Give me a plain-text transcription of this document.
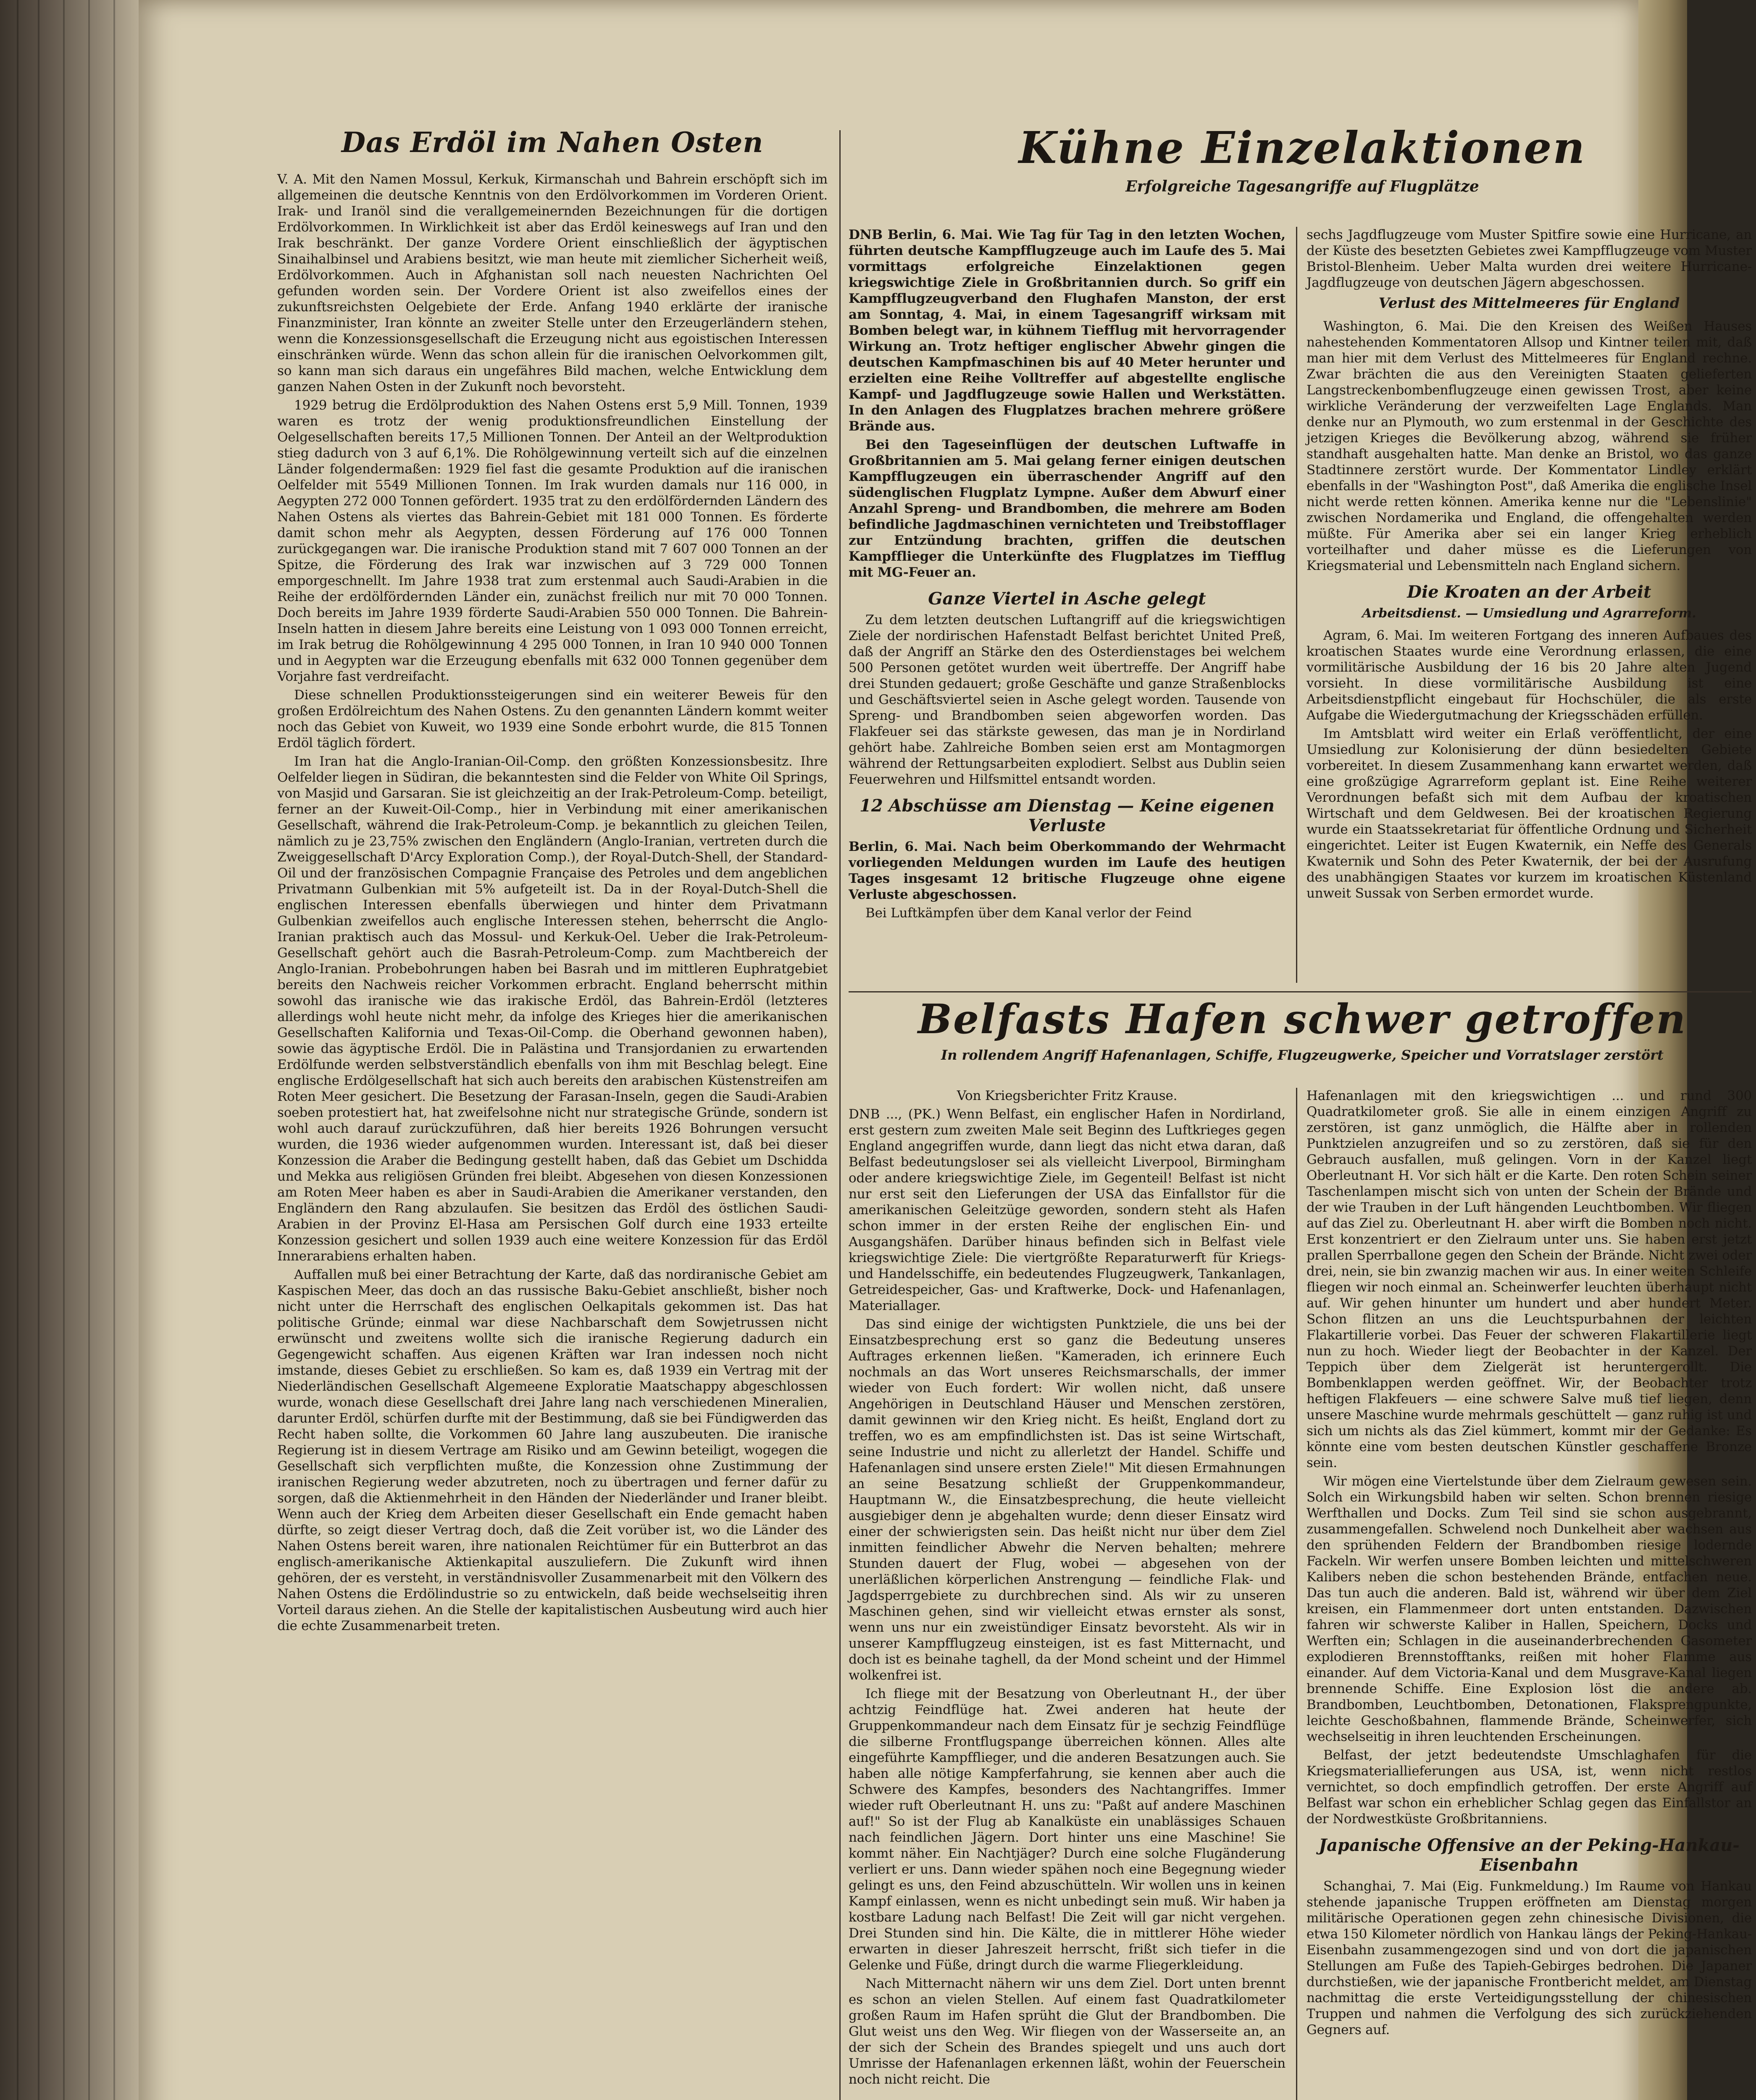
Das Erdöl im Nahen Osten

V. A. Mit den Namen Mossul, Kerkuk, Kirmanschah und Bahrein erschöpft sich im allgemeinen die deutsche Kenntnis von den Erdölvorkommen im Vorderen Orient. Irak- und Iranöl sind die verallgemeinernden Bezeichnungen für die dortigen Erdölvorkommen. In Wirklichkeit ist aber das Erdöl keineswegs auf Iran und den Irak beschränkt. Der ganze Vordere Orient einschließlich der ägyptischen Sinaihalbinsel und Arabiens besitzt, wie man heute mit ziemlicher Sicherheit weiß, Erdölvorkommen. Auch in Afghanistan soll nach neuesten Nachrichten Oel gefunden worden sein. Der Vordere Orient ist also zweifellos eines der zukunftsreichsten Oelgebiete der Erde. Anfang 1940 erklärte der iranische Finanzminister, Iran könnte an zweiter Stelle unter den Erzeugerländern stehen, wenn die Konzessionsgesellschaft die Erzeugung nicht aus egoistischen Interessen einschränken würde. Wenn das schon allein für die iranischen Oelvorkommen gilt, so kann man sich daraus ein ungefähres Bild machen, welche Entwicklung dem ganzen Nahen Osten in der Zukunft noch bevorsteht.

1929 betrug die Erdölproduktion des Nahen Ostens erst 5,9 Mill. Tonnen, 1939 waren es trotz der wenig produktionsfreundlichen Einstellung der Oelgesellschaften bereits 17,5 Millionen Tonnen. Der Anteil an der Weltproduktion stieg dadurch von 3 auf 6,1%. Die Rohölgewinnung verteilt sich auf die einzelnen Länder folgendermaßen: 1929 fiel fast die gesamte Produktion auf die iranischen Oelfelder mit 5549 Millionen Tonnen. Im Irak wurden damals nur 116 000, in Aegypten 272 000 Tonnen gefördert. 1935 trat zu den erdölfördernden Ländern des Nahen Ostens als viertes das Bahrein-Gebiet mit 181 000 Tonnen. Es förderte damit schon mehr als Aegypten, dessen Förderung auf 176 000 Tonnen zurückgegangen war. Die iranische Produktion stand mit 7 607 000 Tonnen an der Spitze, die Förderung des Irak war inzwischen auf 3 729 000 Tonnen emporgeschnellt. Im Jahre 1938 trat zum erstenmal auch Saudi-Arabien in die Reihe der erdölfördernden Länder ein, zunächst freilich nur mit 70 000 Tonnen. Doch bereits im Jahre 1939 förderte Saudi-Arabien 550 000 Tonnen. Die Bahrein-Inseln hatten in diesem Jahre bereits eine Leistung von 1 093 000 Tonnen erreicht, im Irak betrug die Rohölgewinnung 4 295 000 Tonnen, in Iran 10 940 000 Tonnen und in Aegypten war die Erzeugung ebenfalls mit 632 000 Tonnen gegenüber dem Vorjahre fast verdreifacht.

Diese schnellen Produktionssteigerungen sind ein weiterer Beweis für den großen Erdölreichtum des Nahen Ostens. Zu den genannten Ländern kommt weiter noch das Gebiet von Kuweit, wo 1939 eine Sonde erbohrt wurde, die 815 Tonnen Erdöl täglich fördert.

Im Iran hat die Anglo-Iranian-Oil-Comp. den größten Konzessionsbesitz. Ihre Oelfelder liegen in Südiran, die bekanntesten sind die Felder von White Oil Springs, von Masjid und Garsaran. Sie ist gleichzeitig an der Irak-Petroleum-Comp. beteiligt, ferner an der Kuweit-Oil-Comp., hier in Verbindung mit einer amerikanischen Gesellschaft, während die Irak-Petroleum-Comp. je bekanntlich zu gleichen Teilen, nämlich zu je 23,75% zwischen den Engländern (Anglo-Iranian, vertreten durch die Zweiggesellschaft D'Arcy Exploration Comp.), der Royal-Dutch-Shell, der Standard-Oil und der französischen Compagnie Française des Petroles und dem angeblichen Privatmann Gulbenkian mit 5% aufgeteilt ist. Da in der Royal-Dutch-Shell die englischen Interessen ebenfalls überwiegen und hinter dem Privatmann Gulbenkian zweifellos auch englische Interessen stehen, beherrscht die Anglo-Iranian praktisch auch das Mossul- und Kerkuk-Oel. Ueber die Irak-Petroleum-Gesellschaft gehört auch die Basrah-Petroleum-Comp. zum Machtbereich der Anglo-Iranian. Probebohrungen haben bei Basrah und im mittleren Euphratgebiet bereits den Nachweis reicher Vorkommen erbracht. England beherrscht mithin sowohl das iranische wie das irakische Erdöl, das Bahrein-Erdöl (letzteres allerdings wohl heute nicht mehr, da infolge des Krieges hier die amerikanischen Gesellschaften Kalifornia und Texas-Oil-Comp. die Oberhand gewonnen haben), sowie das ägyptische Erdöl. Die in Palästina und Transjordanien zu erwartenden Erdölfunde werden selbstverständlich ebenfalls von ihm mit Beschlag belegt. Eine englische Erdölgesellschaft hat sich auch bereits den arabischen Küstenstreifen am Roten Meer gesichert. Die Besetzung der Farasan-Inseln, gegen die Saudi-Arabien soeben protestiert hat, hat zweifelsohne nicht nur strategische Gründe, sondern ist wohl auch darauf zurückzuführen, daß hier bereits 1926 Bohrungen versucht wurden, die 1936 wieder aufgenommen wurden. Interessant ist, daß bei dieser Konzession die Araber die Bedingung gestellt haben, daß das Gebiet um Dschidda und Mekka aus religiösen Gründen frei bleibt. Abgesehen von diesen Konzessionen am Roten Meer haben es aber in Saudi-Arabien die Amerikaner verstanden, den Engländern den Rang abzulaufen. Sie besitzen das Erdöl des östlichen Saudi-Arabien in der Provinz El-Hasa am Persischen Golf durch eine 1933 erteilte Konzession gesichert und sollen 1939 auch eine weitere Konzession für das Erdöl Innerarabiens erhalten haben.

Auffallen muß bei einer Betrachtung der Karte, daß das nordiranische Gebiet am Kaspischen Meer, das doch an das russische Baku-Gebiet anschließt, bisher noch nicht unter die Herrschaft des englischen Oelkapitals gekommen ist. Das hat politische Gründe; einmal war diese Nachbarschaft dem Sowjetrussen nicht erwünscht und zweitens wollte sich die iranische Regierung dadurch ein Gegengewicht schaffen. Aus eigenen Kräften war Iran indessen noch nicht imstande, dieses Gebiet zu erschließen. So kam es, daß 1939 ein Vertrag mit der Niederländischen Gesellschaft Algemeene Exploratie Maatschappy abgeschlossen wurde, wonach diese Gesellschaft drei Jahre lang nach verschiedenen Mineralien, darunter Erdöl, schürfen durfte mit der Bestimmung, daß sie bei Fündigwerden das Recht haben sollte, die Vorkommen 60 Jahre lang auszubeuten. Die iranische Regierung ist in diesem Vertrage am Risiko und am Gewinn beteiligt, wogegen die Gesellschaft sich verpflichten mußte, die Konzession ohne Zustimmung der iranischen Regierung weder abzutreten, noch zu übertragen und ferner dafür zu sorgen, daß die Aktienmehrheit in den Händen der Niederländer und Iraner bleibt. Wenn auch der Krieg dem Arbeiten dieser Gesellschaft ein Ende gemacht haben dürfte, so zeigt dieser Vertrag doch, daß die Zeit vorüber ist, wo die Länder des Nahen Ostens bereit waren, ihre nationalen Reichtümer für ein Butterbrot an das englisch-amerikanische Aktienkapital auszuliefern. Die Zukunft wird ihnen gehören, der es versteht, in verständnisvoller Zusammenarbeit mit den Völkern des Nahen Ostens die Erdölindustrie so zu entwickeln, daß beide wechselseitig ihren Vorteil daraus ziehen. An die Stelle der kapitalistischen Ausbeutung wird auch hier die echte Zusammenarbeit treten.

Kühne Einzelaktionen
Erfolgreiche Tagesangriffe auf Flugplätze

DNB Berlin, 6. Mai. Wie Tag für Tag in den letzten Wochen, führten deutsche Kampfflugzeuge auch im Laufe des 5. Mai vormittags erfolgreiche Einzelaktionen gegen kriegswichtige Ziele in Großbritannien durch. So griff ein Kampfflugzeugverband den Flughafen Manston, der erst am Sonntag, 4. Mai, in einem Tagesangriff wirksam mit Bomben belegt war, in kühnem Tiefflug mit hervorragender Wirkung an. Trotz heftiger englischer Abwehr gingen die deutschen Kampfmaschinen bis auf 40 Meter herunter und erzielten eine Reihe Volltreffer auf abgestellte englische Kampf- und Jagdflugzeuge sowie Hallen und Werkstätten. In den Anlagen des Flugplatzes brachen mehrere größere Brände aus.

Bei den Tageseinflügen der deutschen Luftwaffe in Großbritannien am 5. Mai gelang ferner einigen deutschen Kampfflugzeugen ein überraschender Angriff auf den südenglischen Flugplatz Lympne. Außer dem Abwurf einer Anzahl Spreng- und Brandbomben, die mehrere am Boden befindliche Jagdmaschinen vernichteten und Treibstofflager zur Entzündung brachten, griffen die deutschen Kampfflieger die Unterkünfte des Flugplatzes im Tiefflug mit MG-Feuer an.

Ganze Viertel in Asche gelegt

Zu dem letzten deutschen Luftangriff auf die kriegswichtigen Ziele der nordirischen Hafenstadt Belfast berichtet United Preß, daß der Angriff an Stärke den des Osterdienstages bei welchem 500 Personen getötet wurden weit übertreffe. Der Angriff habe drei Stunden gedauert; große Geschäfte und ganze Straßenblocks und Geschäftsviertel seien in Asche gelegt worden. Tausende von Spreng- und Brandbomben seien abgeworfen worden. Das Flakfeuer sei das stärkste gewesen, das man je in Nordirland gehört habe. Zahlreiche Bomben seien erst am Montagmorgen während der Rettungsarbeiten explodiert. Selbst aus Dublin seien Feuerwehren und Hilfsmittel entsandt worden.

12 Abschüsse am Dienstag — Keine eigenen Verluste

Berlin, 6. Mai. Nach beim Oberkommando der Wehrmacht vorliegenden Meldungen wurden im Laufe des heutigen Tages insgesamt 12 britische Flugzeuge ohne eigene Verluste abgeschossen.

Bei Luftkämpfen über dem Kanal verlor der Feind

sechs Jagdflugzeuge vom Muster Spitfire sowie eine Hurricane, an der Küste des besetzten Gebietes zwei Kampfflugzeuge vom Muster Bristol-Blenheim. Ueber Malta wurden drei weitere Hurricane-Jagdflugzeuge von deutschen Jägern abgeschossen.

Verlust des Mittelmeeres für England

Washington, 6. Mai. Die den Kreisen des Weißen Hauses nahestehenden Kommentatoren Allsop und Kintner teilen mit, daß man hier mit dem Verlust des Mittelmeeres für England rechne. Zwar brächten die aus den Vereinigten Staaten gelieferten Langstreckenbombenflugzeuge einen gewissen Trost, aber keine wirkliche Veränderung der verzweifelten Lage Englands. Man denke nur an Plymouth, wo zum erstenmal in der Geschichte des jetzigen Krieges die Bevölkerung abzog, während sie früher standhaft ausgehalten hatte. Man denke an Bristol, wo das ganze Stadtinnere zerstört wurde. Der Kommentator Lindley erklärt ebenfalls in der "Washington Post", daß Amerika die englische Insel nicht werde retten können. Amerika kenne nur die "Lebenslinie" zwischen Nordamerika und England, die offengehalten werden müßte. Für Amerika aber sei ein langer Krieg erheblich vorteilhafter und daher müsse es die Lieferungen von Kriegsmaterial und Lebensmitteln nach England sichern.

Die Kroaten an der Arbeit
Arbeitsdienst. — Umsiedlung und Agrarreform.

Agram, 6. Mai. Im weiteren Fortgang des inneren Aufbaues des kroatischen Staates wurde eine Verordnung erlassen, die eine vormilitärische Ausbildung der 16 bis 20 Jahre alten Jugend vorsieht. In diese vormilitärische Ausbildung ist eine Arbeitsdienstpflicht eingebaut für Hochschüler, die als erste Aufgabe die Wiedergutmachung der Kriegsschäden erfüllen.

Im Amtsblatt wird weiter ein Erlaß veröffentlicht, der eine Umsiedlung zur Kolonisierung der dünn besiedelten Gebiete vorbereitet. In diesem Zusammenhang kann erwartet werden, daß eine großzügige Agrarreform geplant ist. Eine Reihe weiterer Verordnungen befaßt sich mit dem Aufbau der kroatischen Wirtschaft und dem Geldwesen. Bei der kroatischen Regierung wurde ein Staatssekretariat für öffentliche Ordnung und Sicherheit eingerichtet. Leiter ist Eugen Kwaternik, ein Neffe des Generals Kwaternik und Sohn des Peter Kwaternik, der bei der Ausrufung des unabhängigen Staates vor kurzem im kroatischen Küstenland unweit Sussak von Serben ermordet wurde.

Belfasts Hafen schwer getroffen
In rollendem Angriff Hafenanlagen, Schiffe, Flugzeugwerke, Speicher und Vorratslager zerstört

Von Kriegsberichter Fritz Krause.

DNB ..., (PK.) Wenn Belfast, ein englischer Hafen in Nordirland, erst gestern zum zweiten Male seit Beginn des Luftkrieges gegen England angegriffen wurde, dann liegt das nicht etwa daran, daß Belfast bedeutungsloser sei als vielleicht Liverpool, Birmingham oder andere kriegswichtige Ziele, im Gegenteil! Belfast ist nicht nur erst seit den Lieferungen der USA das Einfallstor für die amerikanischen Geleitzüge geworden, sondern steht als Hafen schon immer in der ersten Reihe der englischen Ein- und Ausgangshäfen. Darüber hinaus befinden sich in Belfast viele kriegswichtige Ziele: Die viertgrößte Reparaturwerft für Kriegs- und Handelsschiffe, ein bedeutendes Flugzeugwerk, Tankanlagen, Getreidespeicher, Gas- und Kraftwerke, Dock- und Hafenanlagen, Materiallager.

Das sind einige der wichtigsten Punktziele, die uns bei der Einsatzbesprechung erst so ganz die Bedeutung unseres Auftrages erkennen ließen. "Kameraden, ich erinnere Euch nochmals an das Wort unseres Reichsmarschalls, der immer wieder von Euch fordert: Wir wollen nicht, daß unsere Angehörigen in Deutschland Häuser und Menschen zerstören, damit gewinnen wir den Krieg nicht. Es heißt, England dort zu treffen, wo es am empfindlichsten ist. Das ist seine Wirtschaft, seine Industrie und nicht zu allerletzt der Handel. Schiffe und Hafenanlagen sind unsere ersten Ziele!" Mit diesen Ermahnungen an seine Besatzung schließt der Gruppenkommandeur, Hauptmann W., die Einsatzbesprechung, die heute vielleicht ausgiebiger denn je abgehalten wurde; denn dieser Einsatz wird einer der schwierigsten sein. Das heißt nicht nur über dem Ziel inmitten feindlicher Abwehr die Nerven behalten; mehrere Stunden dauert der Flug, wobei — abgesehen von der unerläßlichen körperlichen Anstrengung — feindliche Flak- und Jagdsperrgebiete zu durchbrechen sind. Als wir zu unseren Maschinen gehen, sind wir vielleicht etwas ernster als sonst, wenn uns nur ein zweistündiger Einsatz bevorsteht. Als wir in unserer Kampfflugzeug einsteigen, ist es fast Mitternacht, und doch ist es beinahe taghell, da der Mond scheint und der Himmel wolkenfrei ist.

Ich fliege mit der Besatzung von Oberleutnant H., der über achtzig Feindflüge hat. Zwei anderen hat heute der Gruppenkommandeur nach dem Einsatz für je sechzig Feindflüge die silberne Frontflugspange überreichen können. Alles alte eingeführte Kampfflieger, und die anderen Besatzungen auch. Sie haben alle nötige Kampferfahrung, sie kennen aber auch die Schwere des Kampfes, besonders des Nachtangriffes. Immer wieder ruft Oberleutnant H. uns zu: "Paßt auf andere Maschinen auf!" So ist der Flug ab Kanalküste ein unablässiges Schauen nach feindlichen Jägern. Dort hinter uns eine Maschine! Sie kommt näher. Ein Nachtjäger? Durch eine solche Flugänderung verliert er uns. Dann wieder spähen noch eine Begegnung wieder gelingt es uns, den Feind abzuschütteln. Wir wollen uns in keinen Kampf einlassen, wenn es nicht unbedingt sein muß. Wir haben ja kostbare Ladung nach Belfast! Die Zeit will gar nicht vergehen. Drei Stunden sind hin. Die Kälte, die in mittlerer Höhe wieder erwarten in dieser Jahreszeit herrscht, frißt sich tiefer in die Gelenke und Füße, dringt durch die warme Fliegerkleidung.

Nach Mitternacht nähern wir uns dem Ziel. Dort unten brennt es schon an vielen Stellen. Auf einem fast Quadratkilometer großen Raum im Hafen sprüht die Glut der Brandbomben. Die Glut weist uns den Weg. Wir fliegen von der Wasserseite an, an der sich der Schein des Brandes spiegelt und uns auch dort Umrisse der Hafenanlagen erkennen läßt, wohin der Feuerschein noch nicht reicht. Die

Hafenanlagen mit den kriegswichtigen ... und rund 300 Quadratkilometer groß. Sie alle in einem einzigen Angriff zu zerstören, ist ganz unmöglich, die Hälfte aber in rollenden Punktzielen anzugreifen und so zu zerstören, daß sie für den Gebrauch ausfallen, muß gelingen. Vorn in der Kanzel liegt Oberleutnant H. Vor sich hält er die Karte. Den roten Schein seiner Taschenlampen mischt sich von unten der Schein der Brände und der wie Trauben in der Luft hängenden Leuchtbomben. Wir fliegen auf das Ziel zu. Oberleutnant H. aber wirft die Bomben noch nicht. Erst konzentriert er den Zielraum unter uns. Sie haben erst jetzt prallen Sperrballone gegen den Schein der Brände. Nicht zwei oder drei, nein, sie bin zwanzig machen wir aus. In einer weiten Schleife fliegen wir noch einmal an. Scheinwerfer leuchten überhaupt nicht auf. Wir gehen hinunter um hundert und aber hundert Meter. Schon flitzen an uns die Leuchtspurbahnen der leichten Flakartillerie vorbei. Das Feuer der schweren Flakartillerie liegt nun zu hoch. Wieder liegt der Beobachter in der Kanzel. Der Teppich über dem Zielgerät ist heruntergerollt. Die Bombenklappen werden geöffnet. Wir, der Beobachter trotz heftigen Flakfeuers — eine schwere Salve muß tief liegen, denn unsere Maschine wurde mehrmals geschüttelt — ganz ruhig ist und sich um nichts als das Ziel kümmert, kommt mir der Gedanke: Es könnte eine vom besten deutschen Künstler geschaffene Bronze sein.

Wir mögen eine Viertelstunde über dem Zielraum gewesen sein. Solch ein Wirkungsbild haben wir selten. Schon brennen riesige Werfthallen und Docks. Zum Teil sind sie schon ausgebrannt, zusammengefallen. Schwelend noch Dunkelheit aber wachsen aus den sprühenden Feldern der Brandbomben riesige lodernde Fackeln. Wir werfen unsere Bomben leichten und mittelschweren Kalibers neben die schon bestehenden Brände, entfachen neue. Das tun auch die anderen. Bald ist, während wir über dem Ziel kreisen, ein Flammenmeer dort unten entstanden. Dazwischen fahren wir schwerste Kaliber in Hallen, Speichern, Docks und Werften ein; Schlagen in die auseinanderbrechenden Gasometer explodieren Brennstofftanks, reißen mit hoher Flamme aus einander. Auf dem Victoria-Kanal und dem Musgrave-Kanal liegen brennende Schiffe. Eine Explosion löst die andere ab. Brandbomben, Leuchtbomben, Detonationen, Flaksprengpunkte, leichte Geschoßbahnen, flammende Brände, Scheinwerfer, sich wechselseitig in ihren leuchtenden Erscheinungen.

Belfast, der jetzt bedeutendste Umschlaghafen für die Kriegsmateriallieferungen aus USA, ist, wenn nicht restlos vernichtet, so doch empfindlich getroffen. Der erste Angriff auf Belfast war schon ein erheblicher Schlag gegen das Einfallstor an der Nordwestküste Großbritanniens.

Japanische Offensive an der Peking-Hankau-Eisenbahn

Schanghai, 7. Mai (Eig. Funkmeldung.) Im Raume von Hankau stehende japanische Truppen eröffneten am Dienstag morgen militärische Operationen gegen zehn chinesische Divisionen, die etwa 150 Kilometer nördlich von Hankau längs der Peking-Hankau-Eisenbahn zusammengezogen sind und von dort die japanischen Stellungen am Fuße des Tapieh-Gebirges bedrohen. Die Japaner durchstießen, wie der japanische Frontbericht meldet, am Dienstag nachmittag die erste Verteidigungsstellung der chinesischen Truppen und nahmen die Verfolgung des sich zurückziehenden Gegners auf.
